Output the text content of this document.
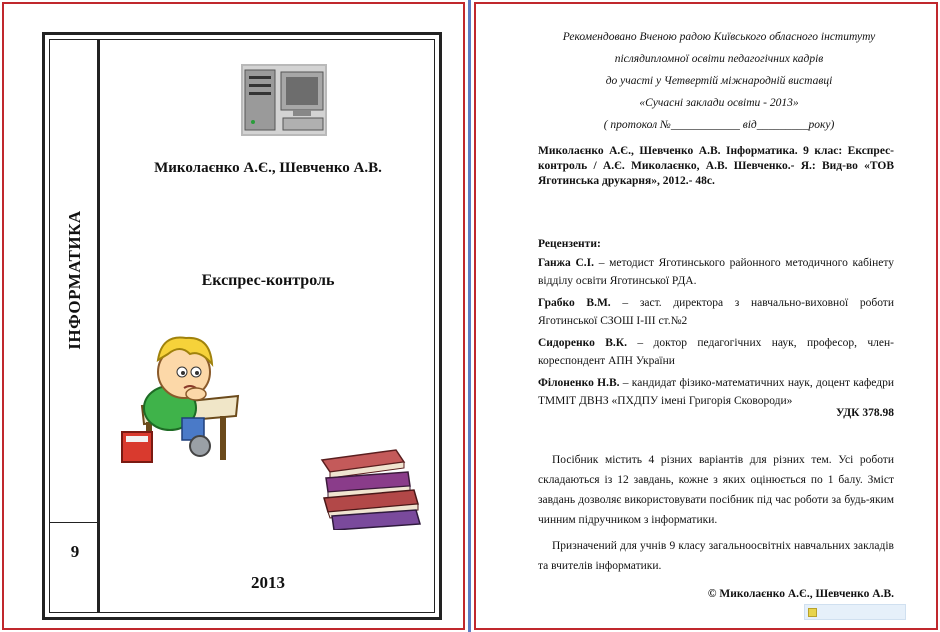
ІНФОРМАТИКА
9
Миколаєнко А.Є., Шевченко А.В.
Експрес-контроль
2013
Рекомендовано Вченою радою Київського обласного інституту
післядипломної освіти педагогічних кадрів
до участі у Четвертій міжнародній виставці
«Сучасні заклади освіти - 2013»
( протокол №____________ від_________року)
Миколаєнко А.Є., Шевченко А.В. Інформатика. 9 клас: Експрес-контроль / А.Є. Миколаєнко, А.В. Шевченко.- Я.: Вид-во «ТОВ Яготинська друкарня», 2012.- 48с.
Рецензенти:
Ганжа С.І. – методист Яготинського районного методичного кабінету відділу освіти Яготинської РДА.
Грабко В.М. – заст. директора з навчально-виховної роботи Яготинської СЗОШ І-ІІІ ст.№2
Сидоренко В.К. – доктор педагогічних наук, професор, член-кореспондент АПН України
Філоненко Н.В. – кандидат фізико-математичних наук, доцент кафедри ТММІТ ДВНЗ «ПХДПУ імені Григорія Сковороди»
УДК 378.98

Посібник містить 4 різних варіантів для різних тем. Усі роботи складаються із 12 завдань, кожне з яких оцінюється по 1 балу. Зміст завдань дозволяє використовувати посібник під час роботи за будь-яким чинним підручником з інформатики.

Призначений для учнів 9 класу загальноосвітніх навчальних закладів та вчителів інформатики.

© Миколаєнко А.Є., Шевченко А.В.
